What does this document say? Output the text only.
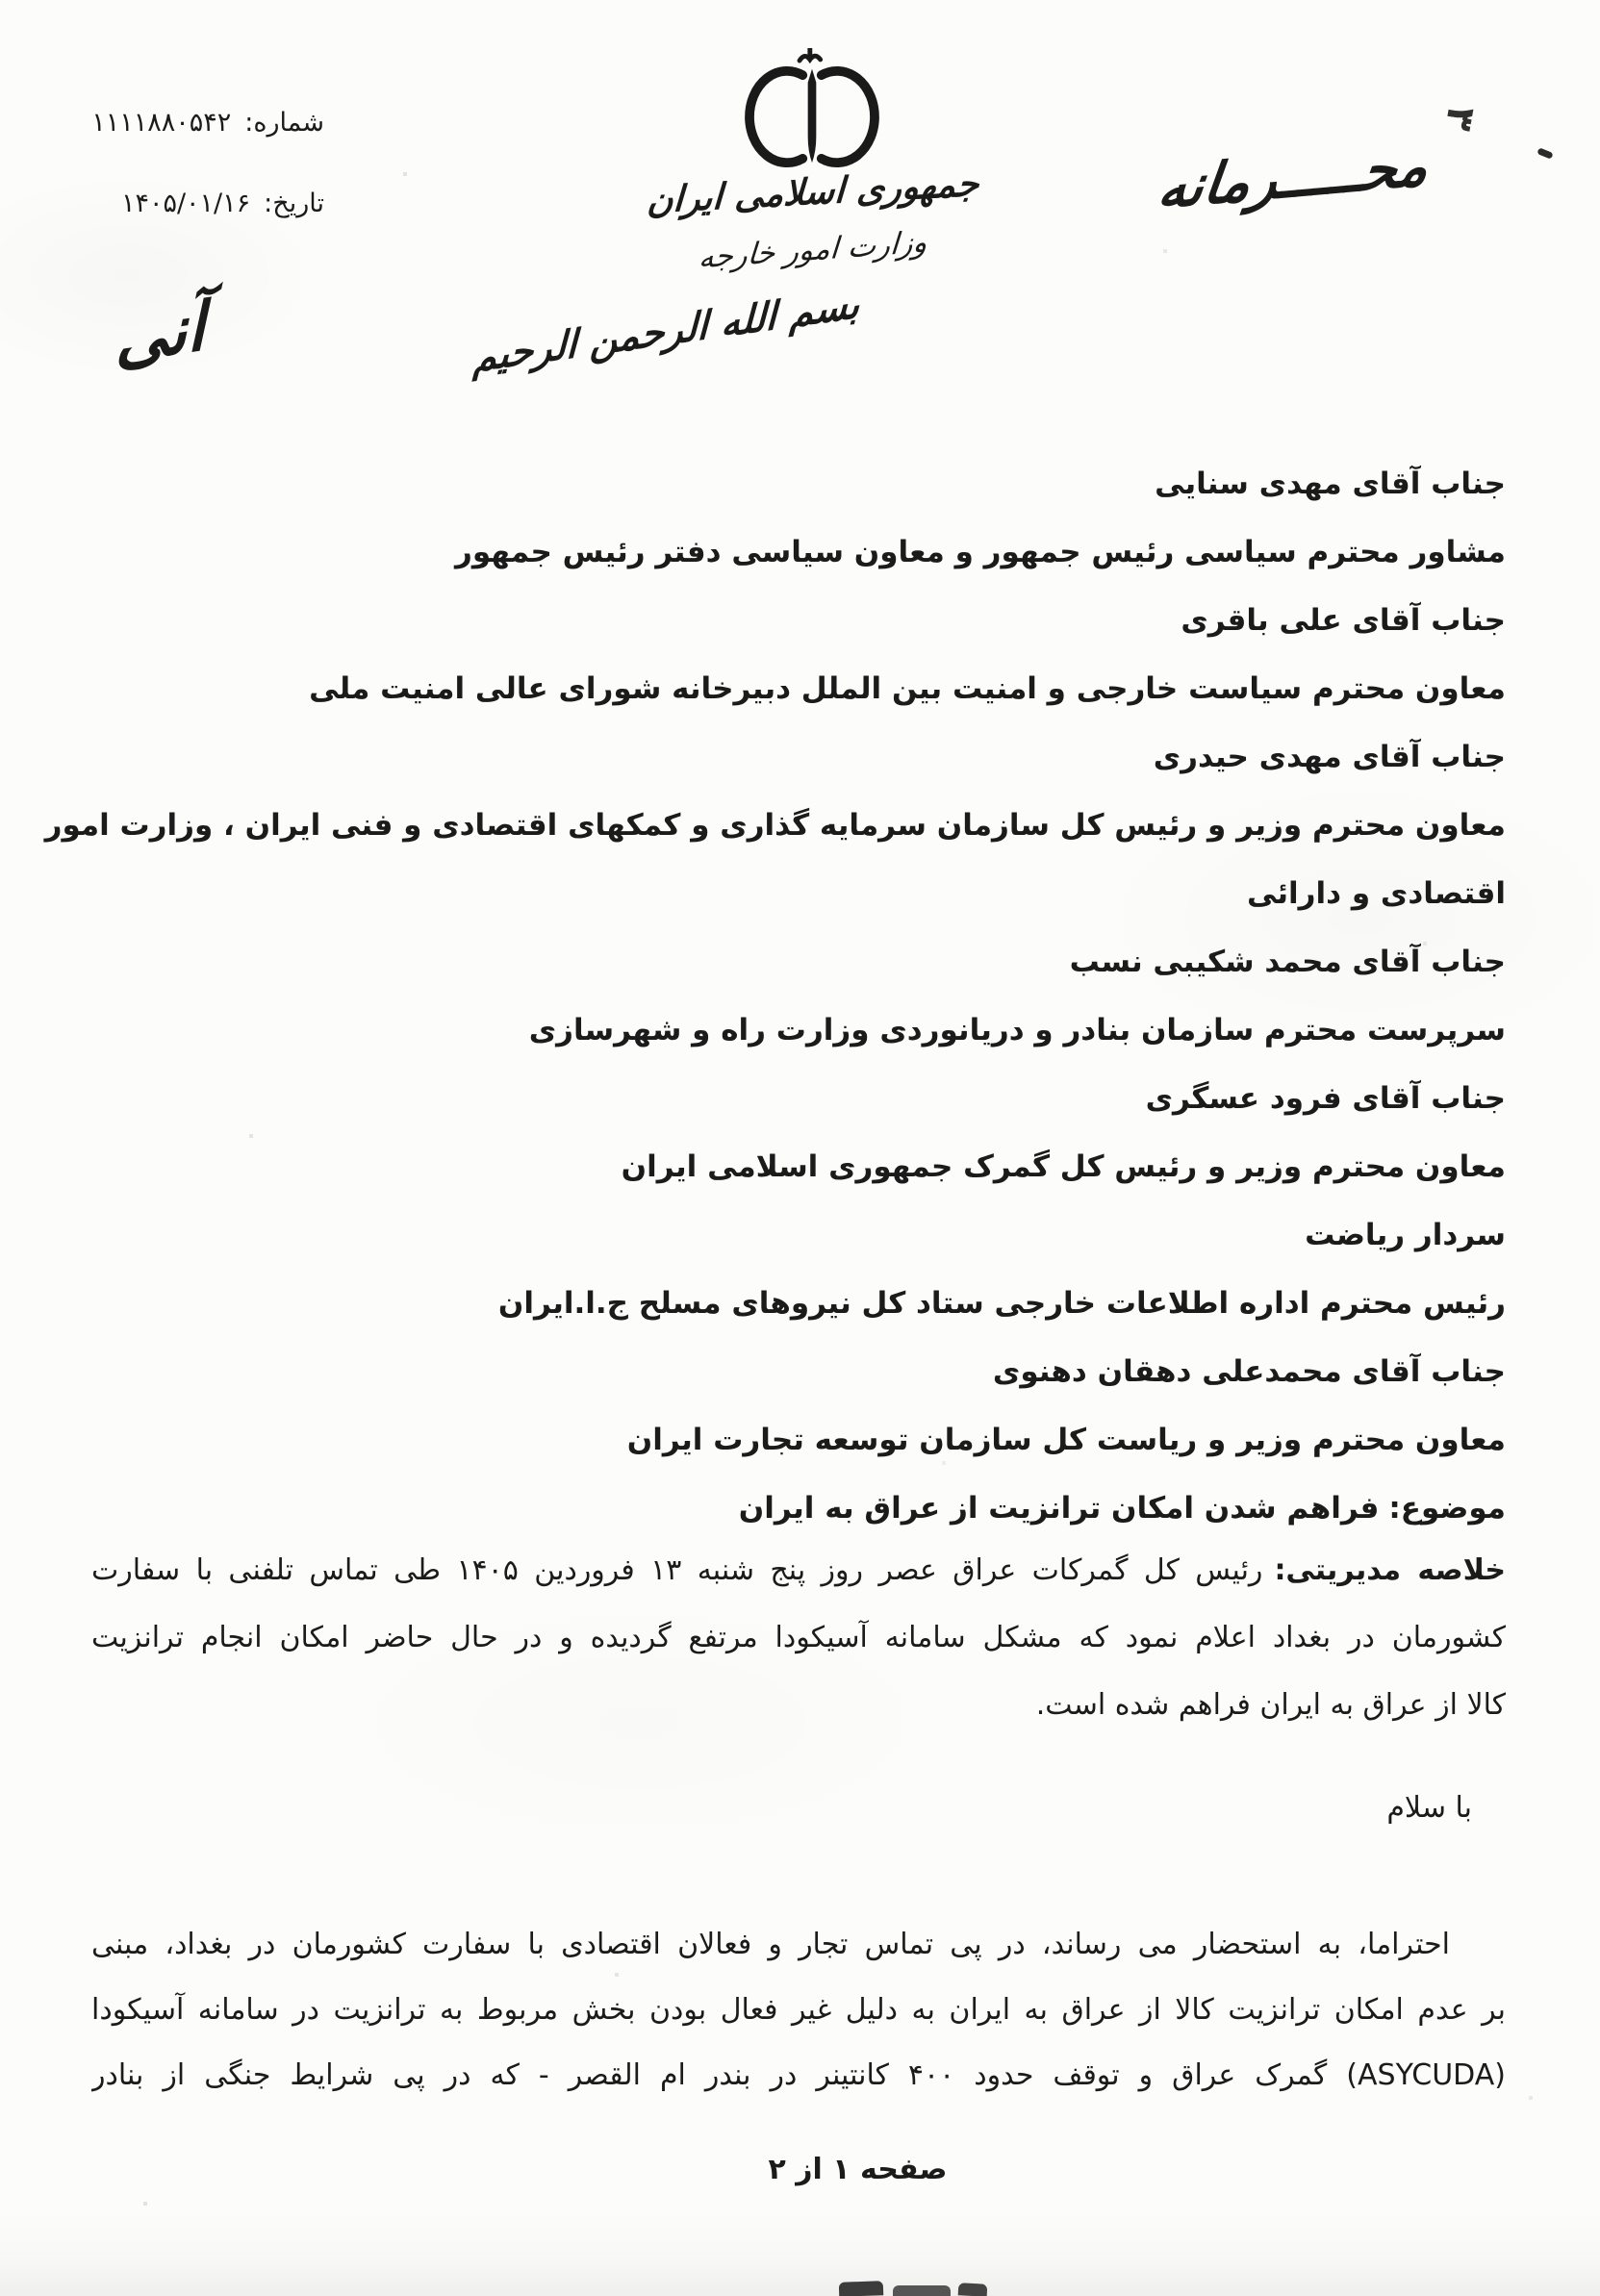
شماره:۱۱۱۱۸۸۰۵۴۲
تاریخ:۱۴۰۵/۰۱/۱۶	جمهوری اسلامی ایران
وزارت امور خارجه
بسم الله الرحمن الرحیم
محـــــرمانه
آنی
۳
جناب آقای مهدی سنایی
مشاور محترم سیاسی رئیس جمهور و معاون سیاسی دفتر رئیس جمهور
جناب آقای علی باقری
معاون محترم سیاست خارجی و امنیت بین الملل دبیرخانه شورای عالی امنیت ملی
جناب آقای مهدی حیدری
معاون محترم وزیر و رئیس کل سازمان سرمایه گذاری و کمکهای اقتصادی و فنی ایران ، وزارت امور
اقتصادی و دارائی
جناب آقای محمد شکیبی نسب
سرپرست محترم سازمان بنادر و دریانوردی وزارت راه و شهرسازی
جناب آقای فرود عسگری
معاون محترم وزیر و رئیس کل گمرک جمهوری اسلامی ایران
سردار ریاضت
رئیس محترم اداره اطلاعات خارجی ستاد کل نیروهای مسلح ج.ا.ایران
جناب آقای محمدعلی دهقان دهنوی
معاون محترم وزیر و ریاست کل سازمان توسعه تجارت ایران
موضوع:فراهم شدن امکان ترانزیت از عراق به ایران
خلاصه مدیریتی:رئیس کل گمرکات عراق عصر روز پنج شنبه ۱۳ فروردین ۱۴۰۵ طی تماس تلفنی با سفارت
کشورمان در بغداد اعلام نمود که مشکل سامانه آسیکودا مرتفع گردیده و در حال حاضر امکان انجام ترانزیت
کالا از عراق به ایران فراهم شده است.
با سلام
احتراما، به استحضار می رساند، در پی تماس تجار و فعالان اقتصادی با سفارت کشورمان در بغداد، مبنی
بر عدم امکان ترانزیت کالا از عراق به ایران به دلیل غیر فعال بودن بخش مربوط به ترانزیت در سامانه آسیکودا
(ASYCUDA) گمرک عراق و توقف حدود ۴۰۰ کانتینر در بندر ام القصر - که در پی شرایط جنگی از بنادر
صفحه ۱ از ۲
